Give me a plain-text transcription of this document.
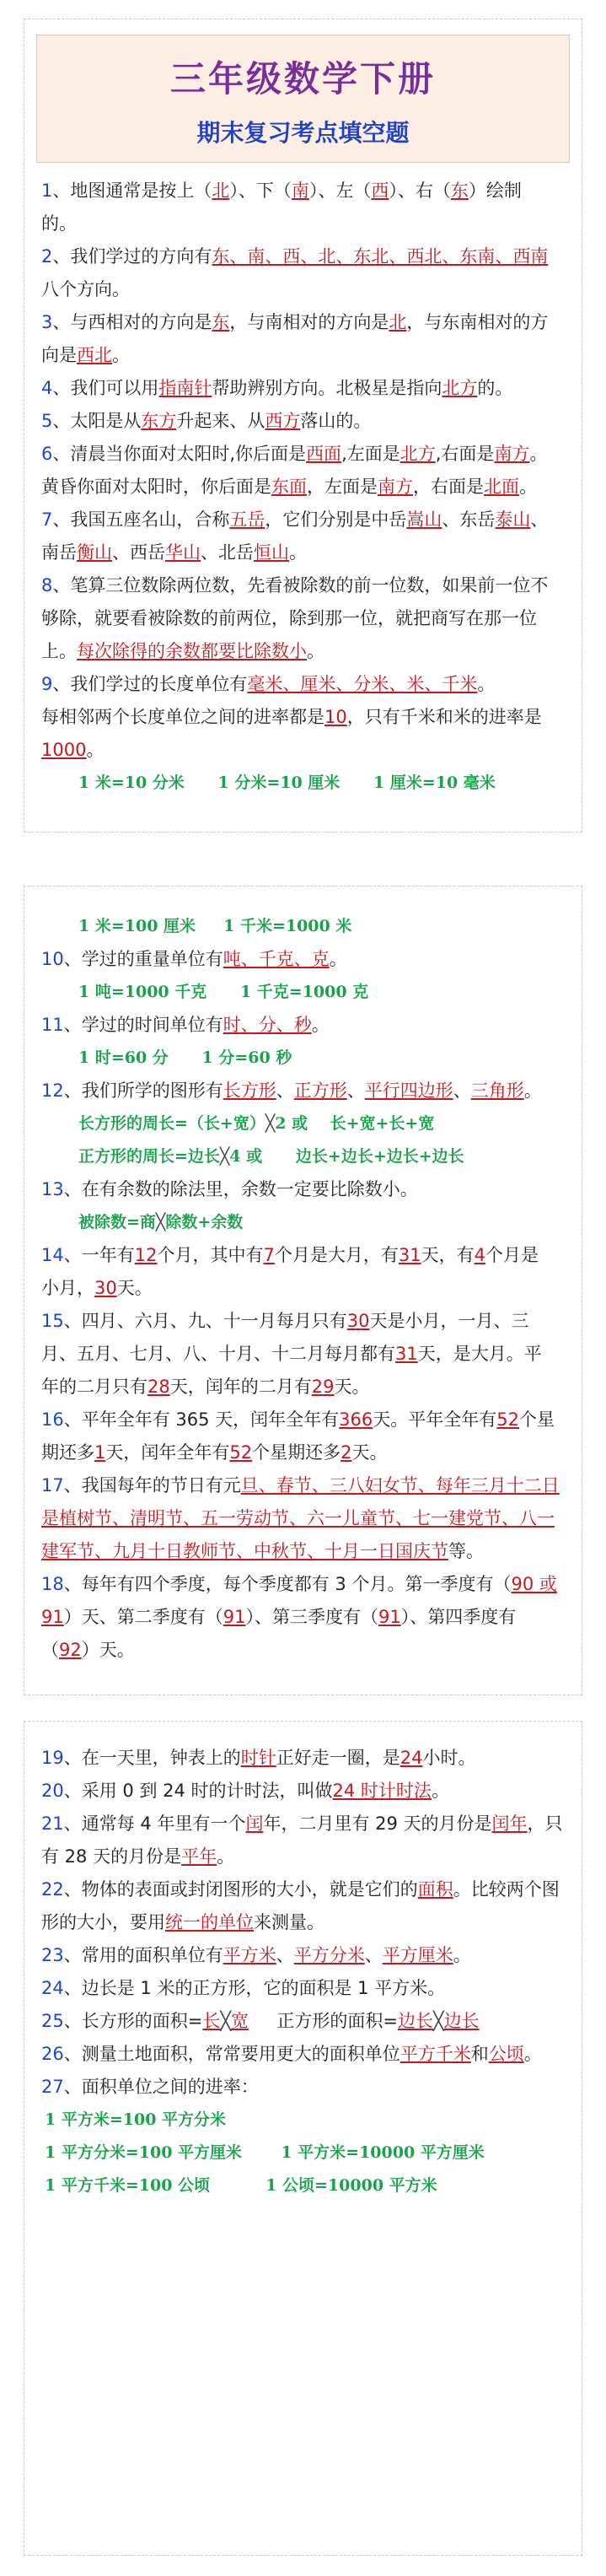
三年级数学下册
期末复习考点填空题
1、地图通常是按上（北）、下（南）、左（西）、右（东）绘制
的。
2、我们学过的方向有东、南、西、北、东北、西北、东南、西南
八个方向。
3、与西相对的方向是东，与南相对的方向是北，与东南相对的方
向是西北。
4、我们可以用指南针帮助辨别方向。北极星是指向北方的。
5、太阳是从东方升起来、从西方落山的。
6、清晨当你面对太阳时,你后面是西面,左面是北方,右面是南方。
黄昏你面对太阳时，你后面是东面，左面是南方，右面是北面。
7、我国五座名山，合称五岳，它们分别是中岳嵩山、东岳泰山、
南岳衡山、西岳华山、北岳恒山。
8、笔算三位数除两位数，先看被除数的前一位数，如果前一位不
够除，就要看被除数的前两位，除到那一位，就把商写在那一位
上。每次除得的余数都要比除数小。
9、我们学过的长度单位有毫米、厘米、分米、米、千米。
每相邻两个长度单位之间的进率都是10，只有千米和米的进率是
1000。
1 米=10 分米      1 分米=10 厘米      1 厘米=10 毫米
1 米=100 厘米     1 千米=1000 米
10、学过的重量单位有吨、千克、克。
1 吨=1000 千克      1 千克=1000 克
11、学过的时间单位有时、分、秒。
1 时=60 分      1 分=60 秒
12、我们所学的图形有长方形、正方形、平行四边形、三角形。
长方形的周长=（长+宽）╳2 或    长+宽+长+宽
正方形的周长=边长╳4 或      边长+边长+边长+边长
13、在有余数的除法里，余数一定要比除数小。
被除数=商╳除数+余数
14、一年有12个月，其中有7个月是大月，有31天，有4个月是
小月，30天。
15、四月、六月、九、十一月每月只有30天是小月，一月、三
月、五月、七月、八、十月、十二月每月都有31天，是大月。平
年的二月只有28天，闰年的二月有29天。
16、平年全年有 365 天，闰年全年有366天。平年全年有52个星
期还多1天，闰年全年有52个星期还多2天。
17、我国每年的节日有元旦、春节、三八妇女节、每年三月十二日
是植树节、清明节、五一劳动节、六一儿童节、七一建党节、八一
建军节、九月十日教师节、中秋节、十月一日国庆节等。
18、每年有四个季度，每个季度都有 3 个月。第一季度有（90 或
91）天、第二季度有（91）、第三季度有（91）、第四季度有
（92）天。
19、在一天里，钟表上的时针正好走一圈，是24小时。
20、采用 0 到 24 时的计时法，叫做24 时计时法。
21、通常每 4 年里有一个闰年，二月里有 29 天的月份是闰年，只
有 28 天的月份是平年。
22、物体的表面或封闭图形的大小，就是它们的面积。比较两个图
形的大小，要用统一的单位来测量。
23、常用的面积单位有平方米、平方分米、平方厘米。
24、边长是 1 米的正方形，它的面积是 1 平方米。
25、长方形的面积=长╳宽 正方形的面积=边长╳边长
26、测量土地面积，常常要用更大的面积单位平方千米和公顷。
27、面积单位之间的进率：
1 平方米=100 平方分米
1 平方分米=100 平方厘米       1 平方米=10000 平方厘米
1 平方千米=100 公顷          1 公顷=10000 平方米
